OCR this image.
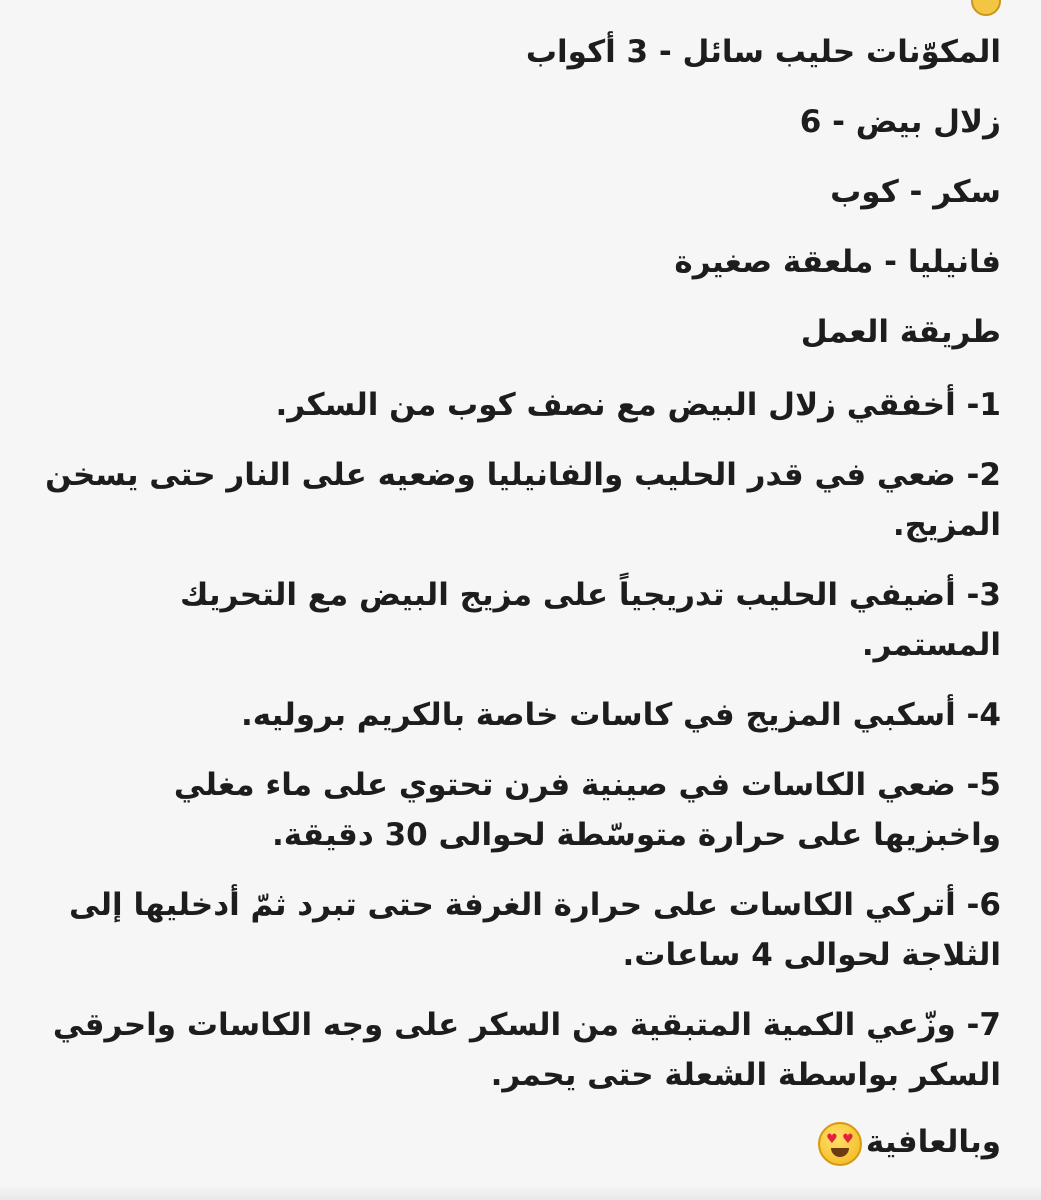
المكوّنات حليب سائل - 3 أكواب

زلال بيض - 6

سكر - كوب

فانيليا - ملعقة صغيرة

طريقة العمل

1- أخفقي زلال البيض مع نصف كوب من السكر.

2- ضعي في قدر الحليب والفانيليا وضعيه على النار حتى يسخن المزيج.

3- أضيفي الحليب تدريجياً على مزيج البيض مع التحريك المستمر.

4- أسكبي المزيج في كاسات خاصة بالكريم بروليه.

5- ضعي الكاسات في صينية فرن تحتوي على ماء مغلي واخبزيها على حرارة متوسّطة لحوالى 30 دقيقة.

6- أتركي الكاسات على حرارة الغرفة حتى تبرد ثمّ أدخليها إلى الثلاجة لحوالى 4 ساعات.

7- وزّعي الكمية المتبقية من السكر على وجه الكاسات واحرقي السكر بواسطة الشعلة حتى يحمر.

وبالعافية
♥ ♥
